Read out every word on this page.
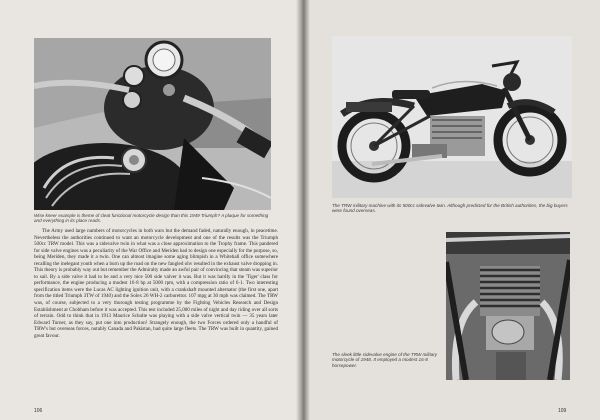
Wise kneer example is theme of cleat functional motorcycle design than this 1949 Triumph? A plaque for something and everything in its place reads.

The Army used large numbers of motorcycles in both wars but the demand faded, naturally enough, in peacetime. Nevertheless the authorities continued to want an motorcycle development and one of the results was the Triumph 500cc TRW model. This was a sidevalve twin in what was a close approximation to the Trophy frame. This pandered for side valve engines was a peculiarity of the War Office and Meriden had to design one especially for the purpose, so, being Meriden, they made it a twin. One can almost imagine some aging blimpish in a Whitehall office somewhere recalling the inelegant youth when a burn up the road on the new fangled ohv resulted in the exhaust valve dropping in. This theory is probably way out but remember the Admiralty made an awful pair of convincing that steam was superior to sail. By a side valve it had to be and a very nice 500 side valver it was. But it was hardly in the 'Tiger' class for performance, the engine producing a modest 16·8 hp at 5000 rpm, with a compression ratio of 6·1. Two interesting specification items were the Lucas AC lighting ignition unit, with a crankshaft mounted alternator (the first one, apart from the titled Triumph 3TW of 1940) and the Solex 26 WH-2 carburettor. 107 mpg at 30 mph was claimed. The TRW was, of course, subjected to a very thorough testing programme by the Fighting Vehicles Research and Design Establishment at Chobham before it was accepted. This test included 25,000 miles of night and day riding over all sorts of terrain. Odd to think that in 1913 Maurice Schulte was playing with a side valve vertical twin — 35 years later Edward Turner, as they say, put one into production! Strangely enough, the two Forces ordered only a handful of TRW's but overseas forces, notably Canada and Pakistan, had quite large fleets. The TRW was built in quantity, gained great favour.

106
The TRW military machine with its 500cc sidevalve twin. Although predicted for the British authorities, the big buyers were found overseas.
The sleek little sidevalve engine of the TRW military motorcycle of 1948. It employed a modest 16·8 horsepower.
109
